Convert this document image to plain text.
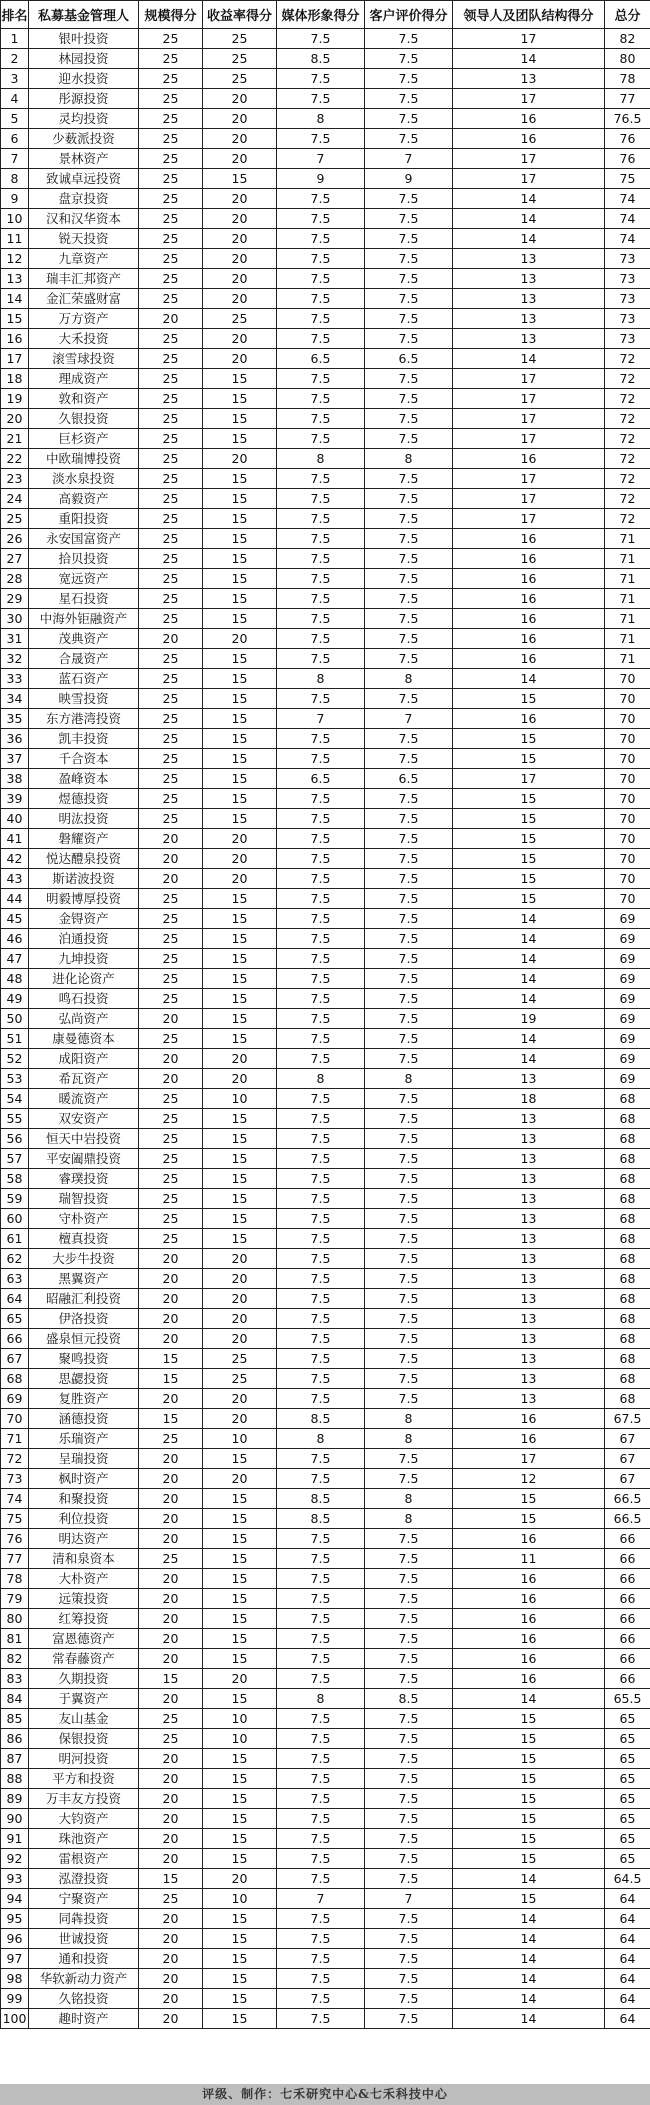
排名	私募基金管理人	规模得分	收益率得分	媒体形象得分	客户评价得分	领导人及团队结构得分	总分
1	银叶投资	25	25	7.5	7.5	17	82
2	林园投资	25	25	8.5	7.5	14	80
3	迎水投资	25	25	7.5	7.5	13	78
4	彤源投资	25	20	7.5	7.5	17	77
5	灵均投资	25	20	8	7.5	16	76.5
6	少薮派投资	25	20	7.5	7.5	16	76
7	景林资产	25	20	7	7	17	76
8	致诚卓远投资	25	15	9	9	17	75
9	盘京投资	25	20	7.5	7.5	14	74
10	汉和汉华资本	25	20	7.5	7.5	14	74
11	锐天投资	25	20	7.5	7.5	14	74
12	九章资产	25	20	7.5	7.5	13	73
13	瑞丰汇邦资产	25	20	7.5	7.5	13	73
14	金汇荣盛财富	25	20	7.5	7.5	13	73
15	万方资产	20	25	7.5	7.5	13	73
16	大禾投资	25	20	7.5	7.5	13	73
17	滚雪球投资	25	20	6.5	6.5	14	72
18	理成资产	25	15	7.5	7.5	17	72
19	敦和资产	25	15	7.5	7.5	17	72
20	久银投资	25	15	7.5	7.5	17	72
21	巨杉资产	25	15	7.5	7.5	17	72
22	中欧瑞博投资	25	20	8	8	16	72
23	淡水泉投资	25	15	7.5	7.5	17	72
24	高毅资产	25	15	7.5	7.5	17	72
25	重阳投资	25	15	7.5	7.5	17	72
26	永安国富资产	25	15	7.5	7.5	16	71
27	拾贝投资	25	15	7.5	7.5	16	71
28	宽远资产	25	15	7.5	7.5	16	71
29	星石投资	25	15	7.5	7.5	16	71
30	中海外钜融资产	25	15	7.5	7.5	16	71
31	茂典资产	20	20	7.5	7.5	16	71
32	合晟资产	25	15	7.5	7.5	16	71
33	蓝石资产	25	15	8	8	14	70
34	映雪投资	25	15	7.5	7.5	15	70
35	东方港湾投资	25	15	7	7	16	70
36	凯丰投资	25	15	7.5	7.5	15	70
37	千合资本	25	15	7.5	7.5	15	70
38	盈峰资本	25	15	6.5	6.5	17	70
39	煜德投资	25	15	7.5	7.5	15	70
40	明汯投资	25	15	7.5	7.5	15	70
41	磐耀资产	20	20	7.5	7.5	15	70
42	悦达醴泉投资	20	20	7.5	7.5	15	70
43	斯诺波投资	20	20	7.5	7.5	15	70
44	明毅博厚投资	25	15	7.5	7.5	15	70
45	金锝资产	25	15	7.5	7.5	14	69
46	泊通投资	25	15	7.5	7.5	14	69
47	九坤投资	25	15	7.5	7.5	14	69
48	进化论资产	25	15	7.5	7.5	14	69
49	鸣石投资	25	15	7.5	7.5	14	69
50	弘尚资产	20	15	7.5	7.5	19	69
51	康曼德资本	25	15	7.5	7.5	14	69
52	成阳资产	20	20	7.5	7.5	14	69
53	希瓦资产	20	20	8	8	13	69
54	暖流资产	25	10	7.5	7.5	18	68
55	双安资产	25	15	7.5	7.5	13	68
56	恒天中岩投资	25	15	7.5	7.5	13	68
57	平安阖鼎投资	25	15	7.5	7.5	13	68
58	睿璞投资	25	15	7.5	7.5	13	68
59	瑞智投资	25	15	7.5	7.5	13	68
60	守朴资产	25	15	7.5	7.5	13	68
61	檀真投资	25	15	7.5	7.5	13	68
62	大步牛投资	20	20	7.5	7.5	13	68
63	黑翼资产	20	20	7.5	7.5	13	68
64	昭融汇利投资	20	20	7.5	7.5	13	68
65	伊洛投资	20	20	7.5	7.5	13	68
66	盛泉恒元投资	20	20	7.5	7.5	13	68
67	聚鸣投资	15	25	7.5	7.5	13	68
68	思勰投资	15	25	7.5	7.5	13	68
69	复胜资产	20	20	7.5	7.5	13	68
70	涵德投资	15	20	8.5	8	16	67.5
71	乐瑞资产	25	10	8	8	16	67
72	呈瑞投资	20	15	7.5	7.5	17	67
73	枫时资产	20	20	7.5	7.5	12	67
74	和聚投资	20	15	8.5	8	15	66.5
75	利位投资	20	15	8.5	8	15	66.5
76	明达资产	20	15	7.5	7.5	16	66
77	清和泉资本	25	15	7.5	7.5	11	66
78	大朴资产	20	15	7.5	7.5	16	66
79	远策投资	20	15	7.5	7.5	16	66
80	红筹投资	20	15	7.5	7.5	16	66
81	富恩德资产	20	15	7.5	7.5	16	66
82	常春藤资产	20	15	7.5	7.5	16	66
83	久期投资	15	20	7.5	7.5	16	66
84	于翼资产	20	15	8	8.5	14	65.5
85	友山基金	25	10	7.5	7.5	15	65
86	保银投资	25	10	7.5	7.5	15	65
87	明河投资	20	15	7.5	7.5	15	65
88	平方和投资	20	15	7.5	7.5	15	65
89	万丰友方投资	20	15	7.5	7.5	15	65
90	大钧资产	20	15	7.5	7.5	15	65
91	珠池资产	20	15	7.5	7.5	15	65
92	雷根资产	20	15	7.5	7.5	15	65
93	泓澄投资	15	20	7.5	7.5	14	64.5
94	宁聚资产	25	10	7	7	15	64
95	同犇投资	20	15	7.5	7.5	14	64
96	世诚投资	20	15	7.5	7.5	14	64
97	通和投资	20	15	7.5	7.5	14	64
98	华软新动力资产	20	15	7.5	7.5	14	64
99	久铭投资	20	15	7.5	7.5	14	64
100	趣时资产	20	15	7.5	7.5	14	64
评级、制作：七禾研究中心&七禾科技中心
